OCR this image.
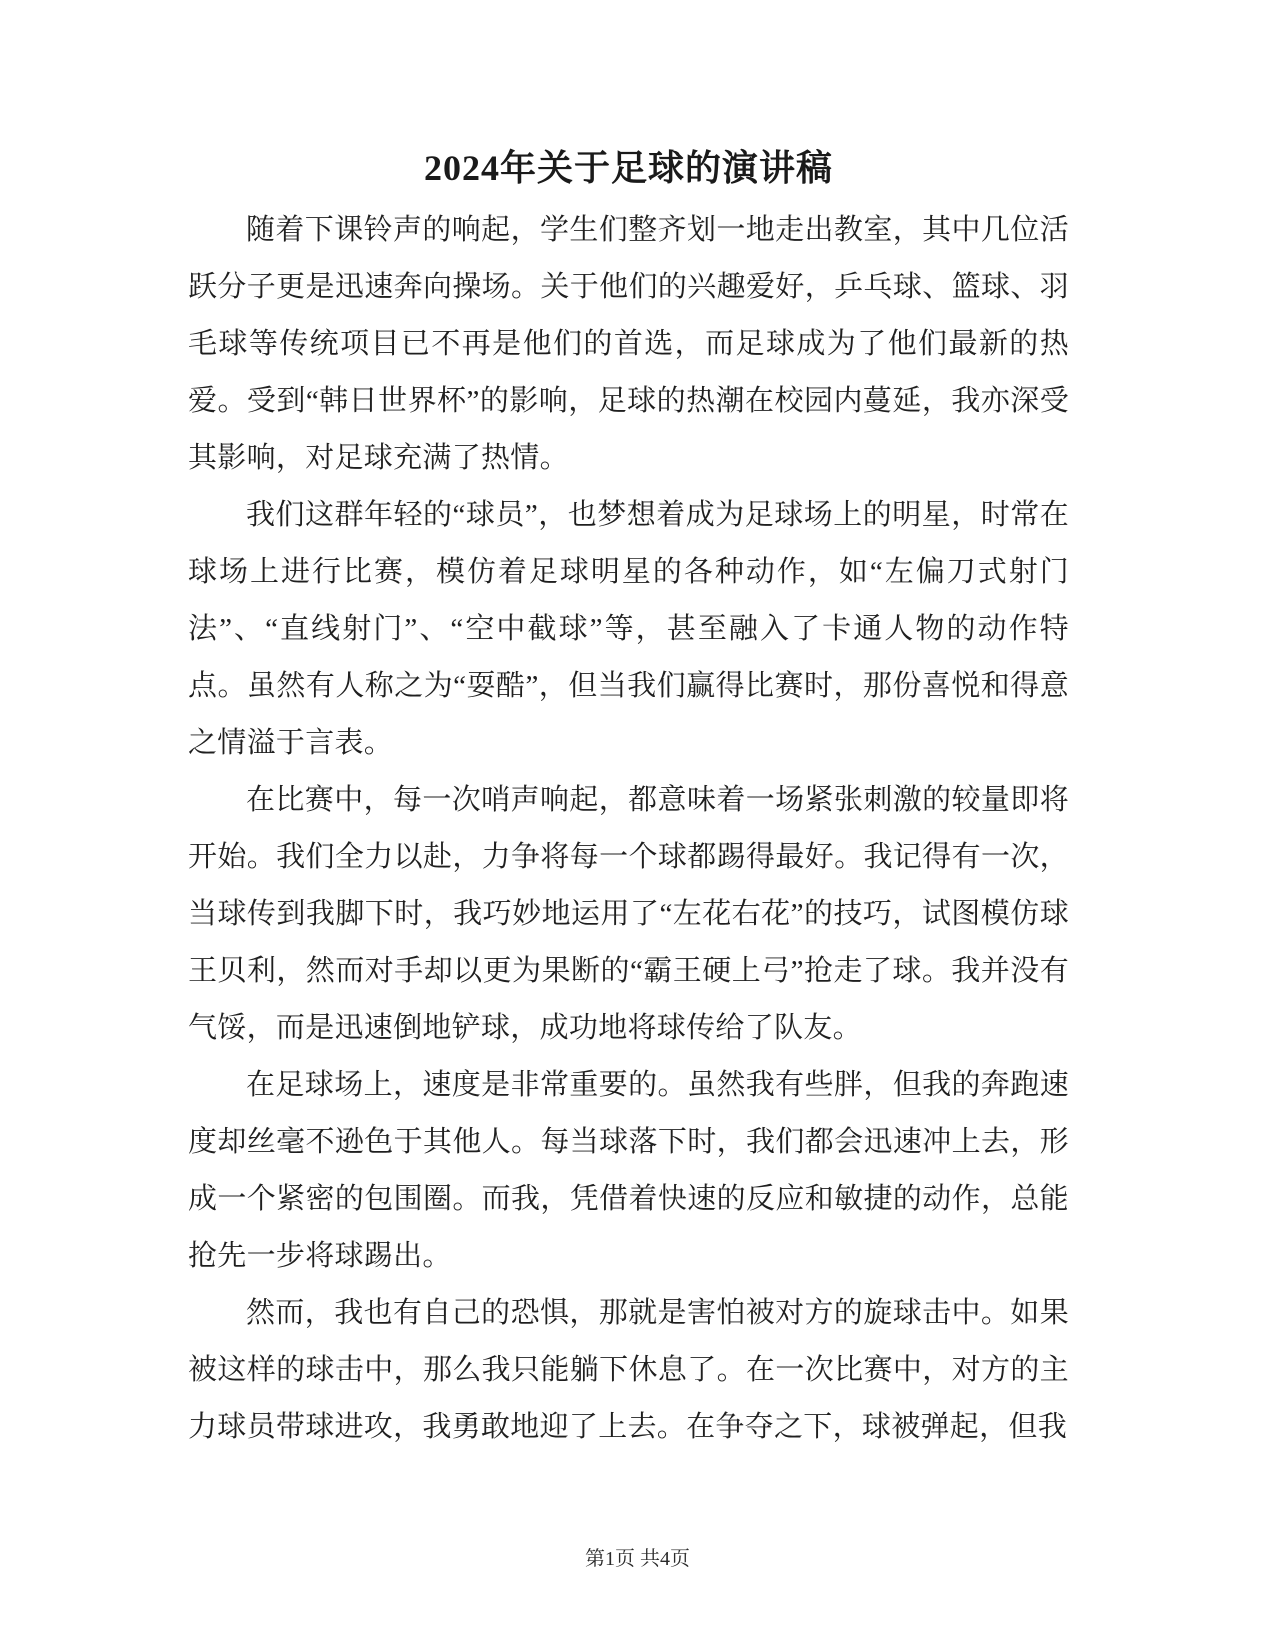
2024年关于足球的演讲稿

随着下课铃声的响起，学生们整齐划一地走出教室，其中几位活跃分子更是迅速奔向操场。关于他们的兴趣爱好，乒乓球、篮球、羽毛球等传统项目已不再是他们的首选，而足球成为了他们最新的热爱。受到“韩日世界杯”的影响，足球的热潮在校园内蔓延，我亦深受其影响，对足球充满了热情。

我们这群年轻的“球员”，也梦想着成为足球场上的明星，时常在球场上进行比赛，模仿着足球明星的各种动作，如“左偏刀式射门法”、“直线射门”、“空中截球”等，甚至融入了卡通人物的动作特点。虽然有人称之为“耍酷”，但当我们赢得比赛时，那份喜悦和得意之情溢于言表。

在比赛中，每一次哨声响起，都意味着一场紧张刺激的较量即将开始。我们全力以赴，力争将每一个球都踢得最好。我记得有一次，当球传到我脚下时，我巧妙地运用了“左花右花”的技巧，试图模仿球王贝利，然而对手却以更为果断的“霸王硬上弓”抢走了球。我并没有气馁，而是迅速倒地铲球，成功地将球传给了队友。

在足球场上，速度是非常重要的。虽然我有些胖，但我的奔跑速度却丝毫不逊色于其他人。每当球落下时，我们都会迅速冲上去，形成一个紧密的包围圈。而我，凭借着快速的反应和敏捷的动作，总能抢先一步将球踢出。

然而，我也有自己的恐惧，那就是害怕被对方的旋球击中。如果被这样的球击中，那么我只能躺下休息了。在一次比赛中，对方的主力球员带球进攻，我勇敢地迎了上去。在争夺之下，球被弹起，但我

第1页 共4页
